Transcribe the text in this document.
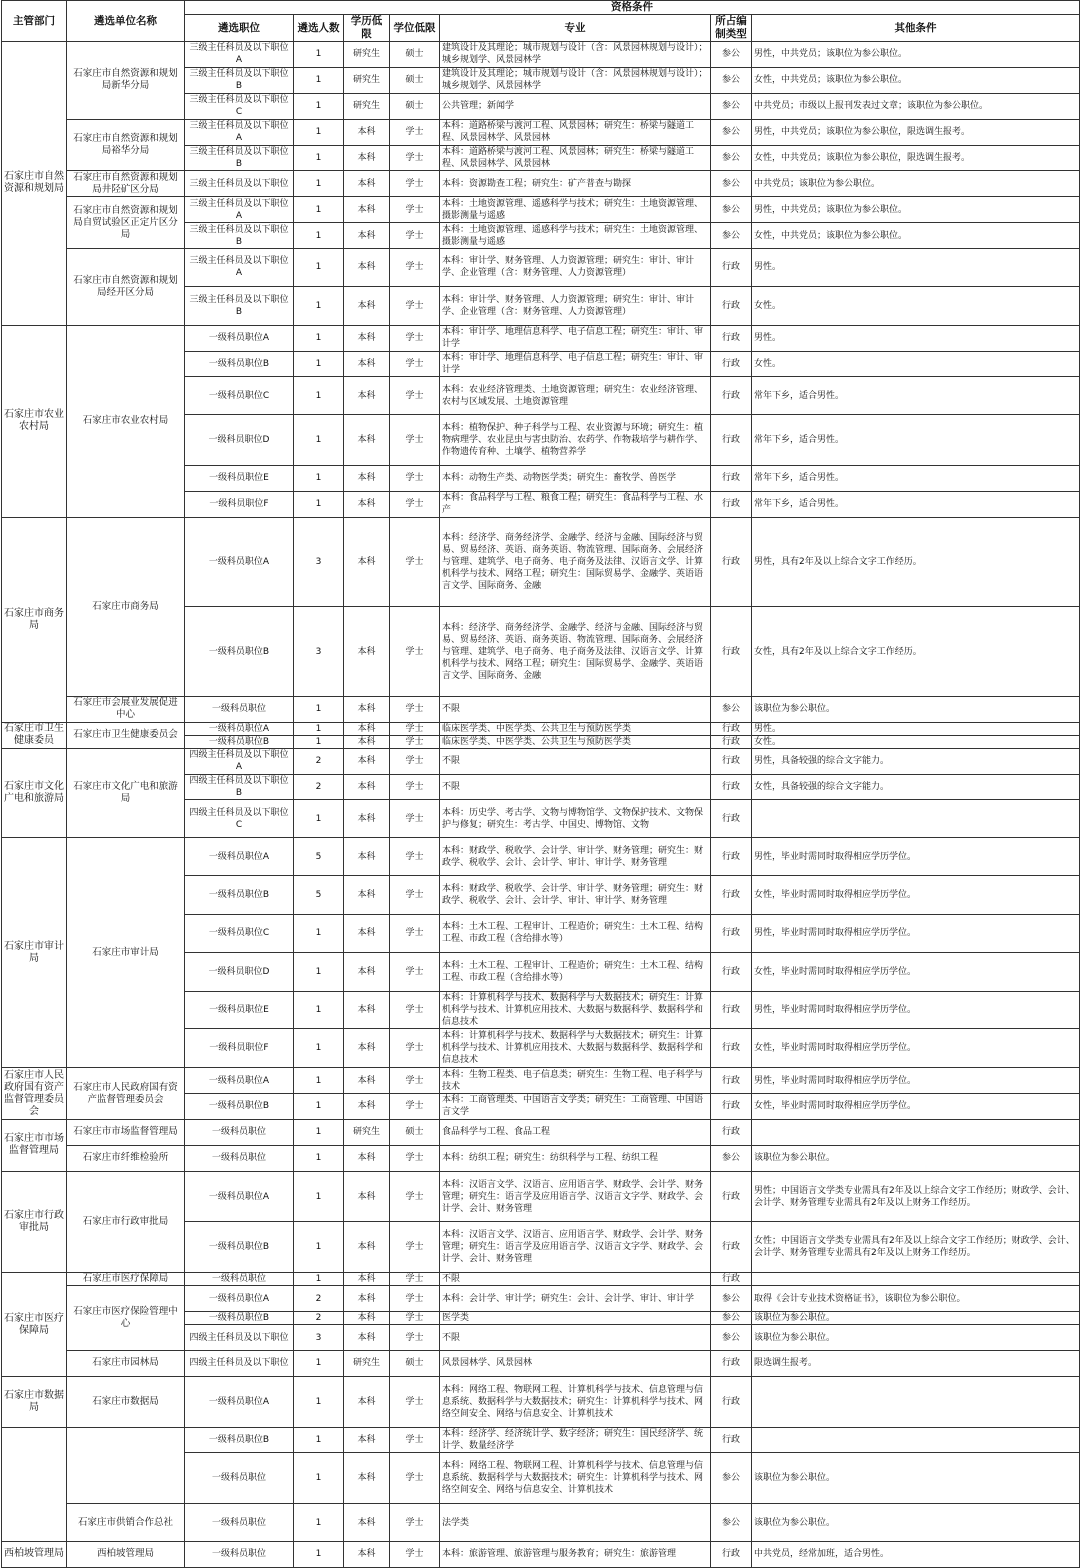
主管部门	遴选单位名称	资格条件						
		遴选职位	遴选人数	学历低限	学位低限	专业	所占编制类型	其他条件
石家庄市自然资源和规划局	石家庄市自然资源和规划局新华分局	三级主任科员及以下职位A	1	研究生	硕士	建筑设计及其理论；城市规划与设计（含：风景园林规划与设计）；城乡规划学、风景园林学	参公	男性，中共党员；该职位为参公职位。
		三级主任科员及以下职位B	1	研究生	硕士	建筑设计及其理论；城市规划与设计（含：风景园林规划与设计）；城乡规划学、风景园林学	参公	女性，中共党员；该职位为参公职位。
		三级主任科员及以下职位C	1	研究生	硕士	公共管理；新闻学	参公	中共党员；市级以上报刊发表过文章；该职位为参公职位。
	石家庄市自然资源和规划局裕华分局	三级主任科员及以下职位A	1	本科	学士	本科：道路桥梁与渡河工程、风景园林；研究生：桥梁与隧道工程、风景园林学、风景园林	参公	男性，中共党员；该职位为参公职位，限选调生报考。
		三级主任科员及以下职位B	1	本科	学士	本科：道路桥梁与渡河工程、风景园林；研究生：桥梁与隧道工程、风景园林学、风景园林	参公	女性，中共党员；该职位为参公职位，限选调生报考。
	石家庄市自然资源和规划局井陉矿区分局	三级主任科员及以下职位	1	本科	学士	本科：资源勘查工程；研究生：矿产普查与勘探	参公	中共党员；该职位为参公职位。
	石家庄市自然资源和规划局自贸试验区正定片区分局	三级主任科员及以下职位A	1	本科	学士	本科：土地资源管理、遥感科学与技术；研究生：土地资源管理、摄影测量与遥感	参公	男性，中共党员；该职位为参公职位。
		三级主任科员及以下职位B	1	本科	学士	本科：土地资源管理、遥感科学与技术；研究生：土地资源管理、摄影测量与遥感	参公	女性，中共党员；该职位为参公职位。
	石家庄市自然资源和规划局经开区分局	三级主任科员及以下职位A	1	本科	学士	本科：审计学、财务管理、人力资源管理；研究生：审计、审计学、企业管理（含：财务管理、人力资源管理）	行政	男性。
		三级主任科员及以下职位B	1	本科	学士	本科：审计学、财务管理、人力资源管理；研究生：审计、审计学、企业管理（含：财务管理、人力资源管理）	行政	女性。
石家庄市农业农村局	石家庄市农业农村局	一级科员职位A	1	本科	学士	本科：审计学、地理信息科学、电子信息工程；研究生：审计、审计学	行政	男性。
		一级科员职位B	1	本科	学士	本科：审计学、地理信息科学、电子信息工程；研究生：审计、审计学	行政	女性。
		一级科员职位C	1	本科	学士	本科：农业经济管理类、土地资源管理；研究生：农业经济管理、农村与区域发展、土地资源管理	行政	常年下乡，适合男性。
		一级科员职位D	1	本科	学士	本科：植物保护、种子科学与工程、农业资源与环境；研究生：植物病理学、农业昆虫与害虫防治、农药学、作物栽培学与耕作学、作物遗传育种、土壤学、植物营养学	行政	常年下乡，适合男性。
		一级科员职位E	1	本科	学士	本科：动物生产类、动物医学类；研究生：畜牧学、兽医学	行政	常年下乡，适合男性。
		一级科员职位F	1	本科	学士	本科：食品科学与工程、粮食工程；研究生：食品科学与工程、水产	行政	常年下乡，适合男性。
石家庄市商务局	石家庄市商务局	一级科员职位A	3	本科	学士	本科：经济学、商务经济学、金融学、经济与金融、国际经济与贸易、贸易经济、英语、商务英语、物流管理、国际商务、会展经济与管理、建筑学、电子商务、电子商务及法律、汉语言文学、计算机科学与技术、网络工程；研究生：国际贸易学、金融学、英语语言文学、国际商务、金融	行政	男性，具有2年及以上综合文字工作经历。
		一级科员职位B	3	本科	学士	本科：经济学、商务经济学、金融学、经济与金融、国际经济与贸易、贸易经济、英语、商务英语、物流管理、国际商务、会展经济与管理、建筑学、电子商务、电子商务及法律、汉语言文学、计算机科学与技术、网络工程；研究生：国际贸易学、金融学、英语语言文学、国际商务、金融	行政	女性，具有2年及以上综合文字工作经历。
	石家庄市会展业发展促进中心	一级科员职位	1	本科	学士	不限	参公	该职位为参公职位。
石家庄市卫生健康委员	石家庄市卫生健康委员会	一级科员职位A	1	本科	学士	临床医学类、中医学类、公共卫生与预防医学类	行政	男性。
		一级科员职位B	1	本科	学士	临床医学类、中医学类、公共卫生与预防医学类	行政	女性。
石家庄市文化广电和旅游局	石家庄市文化广电和旅游局	四级主任科员及以下职位A	2	本科	学士	不限	行政	男性，具备较强的综合文字能力。
		四级主任科员及以下职位B	2	本科	学士	不限	行政	女性，具备较强的综合文字能力。
		四级主任科员及以下职位C	1	本科	学士	本科：历史学、考古学、文物与博物馆学、文物保护技术、文物保护与修复；研究生：考古学、中国史、博物馆、文物	行政	
石家庄市审计局	石家庄市审计局	一级科员职位A	5	本科	学士	本科：财政学、税收学、会计学、审计学、财务管理；研究生：财政学、税收学、会计、会计学、审计、审计学、财务管理	行政	男性，毕业时需同时取得相应学历学位。
		一级科员职位B	5	本科	学士	本科：财政学、税收学、会计学、审计学、财务管理；研究生：财政学、税收学、会计、会计学、审计、审计学、财务管理	行政	女性，毕业时需同时取得相应学历学位。
		一级科员职位C	1	本科	学士	本科：土木工程、工程审计、工程造价；研究生：土木工程、结构工程、市政工程（含给排水等）	行政	男性，毕业时需同时取得相应学历学位。
		一级科员职位D	1	本科	学士	本科：土木工程、工程审计、工程造价；研究生：土木工程、结构工程、市政工程（含给排水等）	行政	女性，毕业时需同时取得相应学历学位。
		一级科员职位E	1	本科	学士	本科：计算机科学与技术、数据科学与大数据技术；研究生：计算机科学与技术、计算机应用技术、大数据与数据科学、数据科学和信息技术	行政	男性，毕业时需同时取得相应学历学位。
		一级科员职位F	1	本科	学士	本科：计算机科学与技术、数据科学与大数据技术；研究生：计算机科学与技术、计算机应用技术、大数据与数据科学、数据科学和信息技术	行政	女性，毕业时需同时取得相应学历学位。
石家庄市人民政府国有资产监督管理委员会	石家庄市人民政府国有资产监督管理委员会	一级科员职位A	1	本科	学士	本科：生物工程类、电子信息类；研究生：生物工程、电子科学与技术	行政	男性，毕业时需同时取得相应学历学位。
		一级科员职位B	1	本科	学士	本科：工商管理类、中国语言文学类；研究生：工商管理、中国语言文学	行政	女性，毕业时需同时取得相应学历学位。
石家庄市市场监督管理局	石家庄市市场监督管理局	一级科员职位	1	研究生	硕士	食品科学与工程、食品工程	行政	
	石家庄市纤维检验所	一级科员职位	1	本科	学士	本科：纺织工程；研究生：纺织科学与工程、纺织工程	参公	该职位为参公职位。
石家庄市行政审批局	石家庄市行政审批局	一级科员职位A	1	本科	学士	本科：汉语言文学、汉语言、应用语言学、财政学、会计学、财务管理；研究生：语言学及应用语言学、汉语言文字学、财政学、会计学、会计、财务管理	行政	男性；中国语言文学类专业需具有2年及以上综合文字工作经历；财政学、会计、会计学、财务管理专业需具有2年及以上财务工作经历。
		一级科员职位B	1	本科	学士	本科：汉语言文学、汉语言、应用语言学、财政学、会计学、财务管理；研究生：语言学及应用语言学、汉语言文字学、财政学、会计学、会计、财务管理	行政	女性；中国语言文学类专业需具有2年及以上综合文字工作经历；财政学、会计、会计学、财务管理专业需具有2年及以上财务工作经历。
石家庄市医疗保障局	石家庄市医疗保障局	一级科员职位	1	本科	学士	不限	行政	
	石家庄市医疗保险管理中心	一级科员职位A	2	本科	学士	本科：会计学、审计学；研究生：会计、会计学、审计、审计学	参公	取得《会计专业技术资格证书》，该职位为参公职位。
		一级科员职位B	2	本科	学士	医学类	参公	该职位为参公职位。
		四级主任科员及以下职位	3	本科	学士	不限	参公	该职位为参公职位。
	石家庄市园林局	四级主任科员及以下职位	1	研究生	硕士	风景园林学、风景园林	行政	限选调生报考。
石家庄市数据局	石家庄市数据局	一级科员职位A	1	本科	学士	本科：网络工程、物联网工程、计算机科学与技术、信息管理与信息系统、数据科学与大数据技术；研究生：计算机科学与技术、网络空间安全、网络与信息安全、计算机技术	行政	
		一级科员职位B	1	本科	学士	本科：经济学、经济统计学、数字经济；研究生：国民经济学、统计学、数量经济学	行政	
		一级科员职位	1	本科	学士	本科：网络工程、物联网工程、计算机科学与技术、信息管理与信息系统、数据科学与大数据技术；研究生：计算机科学与技术、网络空间安全、网络与信息安全、计算机技术	参公	该职位为参公职位。
	石家庄市供销合作总社	一级科员职位	1	本科	学士	法学类	参公	该职位为参公职位。
西柏坡管理局	西柏坡管理局	一级科员职位	1	本科	学士	本科：旅游管理、旅游管理与服务教育；研究生：旅游管理	行政	中共党员，经常加班，适合男性。
